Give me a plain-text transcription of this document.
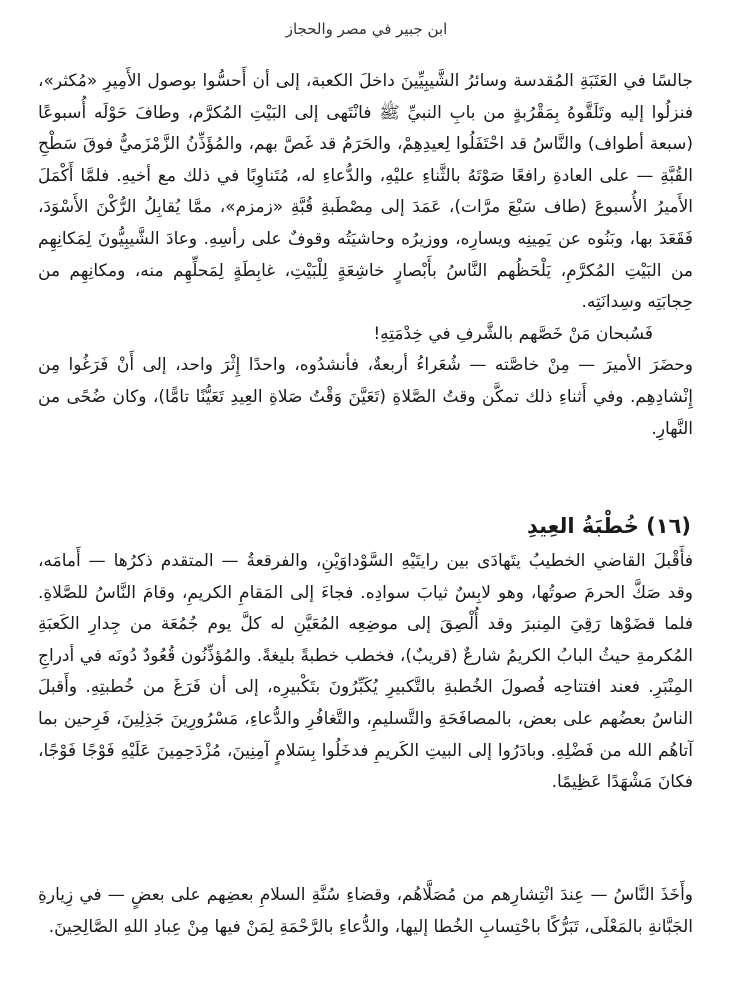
ابن جبير في مصر والحجاز

جالسًا في العَتَبَةِ المُقدسة وسائرُ الشَّيبِيِّينَ داخلَ الكعبة، إلى أن أَحسُّوا بوصول الأَمِيرِ «مُكثر»، فنزلُوا إليه وتَلَقَّوهُ بِمَقْرُبةٍ من بابِ النبيِّ ﷺ فانْتَهى إلى البَيْتِ المُكرَّم، وطافَ حَوْلَه أُسبوعًا (سبعة أطواف) والنَّاسُ قد احْتَفَلُوا لِعيدِهِمْ، والحَرَمُ قد غَصَّ بهم، والمُؤَذِّنُ الزَّمْزَميُّ فوقَ سَطْحِ القُبَّةِ — على العادةِ رافعًا صَوْتَهُ بالثَّناءِ عليْهِ، والدُّعاءِ له، مُتَناوِبًا في ذلك مع أخيهِ. فلمَّا أَكْمَلَ الأَميرُ الأُسبوعَ (طاف سَبْعَ مرَّات)، عَمَدَ إلى مِصْطَبةِ قُبَّةِ «زمزم»، ممَّا يُقابِلُ الرُّكْنَ الأَسْوَدَ، فَقَعَدَ بها، وبَنُوه عن يَمِينِه ويسارِه، ووزيرُه وحاشيَتُه وقوفٌ على رأسِهِ. وعادَ الشَّيبِيُّونَ لِمَكانِهِم من البَيْتِ المُكرَّمِ، يَلْحَظُهم النَّاسُ بأَبْصارٍ خاشِعَةٍ لِلْبَيْتِ، غابِطَةٍ لِمَحلِّهِم منه، ومكانِهِم من حِجابَتِه وسِدانَتِه.

فَسُبحان مَنْ خَصَّهم بالشَّرفِ في خِدْمَتِهِ!

وحضَرَ الأميرَ — مِنْ خاصَّته — شُعَراءُ أربعةٌ، فأنشدُوه، واحدًا إِثْرَ واحد، إلى أَنْ فَرَغُوا مِن إِنْشادِهِم. وفي أَثناءِ ذلك تمكَّن وقتُ الصَّلاةِ (تَعَيَّنَ وَقْتُ صَلاةِ العِيدِ تَعَيُّنًا تامًّا)، وكان ضُحًى من النَّهارِ.

(١٦) خُطْبَةُ العِيدِ

فأَقْبلَ القاضي الخطيبُ يتَهادَى بين رايتَيْهِ السَّوْداوَيْنِ، والفرقعةُ — المتقدم ذكرُها — أَمامَه، وقد صَكَّ الحرمَ صوتُها، وهو لابِسٌ ثيابَ سوادِه. فجاءَ إلى المَقامِ الكريمِ، وقامَ النَّاسُ للصَّلاةِ. فلما قضَوْها رَقِيَ المِنبرَ وقد أُلْصِقَ إلى موضِعِه المُعَيَّنِ له كلَّ يوم جُمُعَة من جِدارِ الكَعبَةِ المُكرمةِ حيثُ البابُ الكريمُ شارعٌ (قريبٌ)، فخطب خطبةً بليغةً. والمُؤذِّنُون قُعُودٌ دُونَه في أدراجِ المِنْبَرِ. فعند افتتاحِه فُصولَ الخُطبةِ بالتَّكبيرِ يُكَبِّرُونَ بتَكْبيرِه، إلى أن فَرَغَ من خُطبتِهِ. وأَقبلَ الناسُ بعضُهم على بعض، بالمصافَحَةِ والتَّسليمِ، والتَّغافُرِ والدُّعاءِ، مَسْرُورِينَ جَذِلِينَ، فَرِحين بما آتاهُم الله من فَضْلِهِ. وبادَرُوا إلى البيتِ الكَريمِ فدخَلُوا بِسَلامٍ آمِنِينَ، مُزْدَحِمِينَ عَلَيْهِ فَوْجًا فَوْجًا، فكانَ مَشْهَدًا عَظِيمًا.

وأَخَذَ النَّاسُ — عِندَ انْتِشارِهم من مُصَلَّاهُم، وقضاءِ سُنَّةِ السلامِ بعضِهم على بعضٍ — في زِيارةِ الجَبَّانةِ بالمَعْلَى، تَبَرُّكًا باحْتِسابِ الخُطا إليها، والدُّعاءِ بالرَّحْمَةِ لِمَنْ فيها مِنْ عِبادِ اللهِ الصَّالِحِينَ.
